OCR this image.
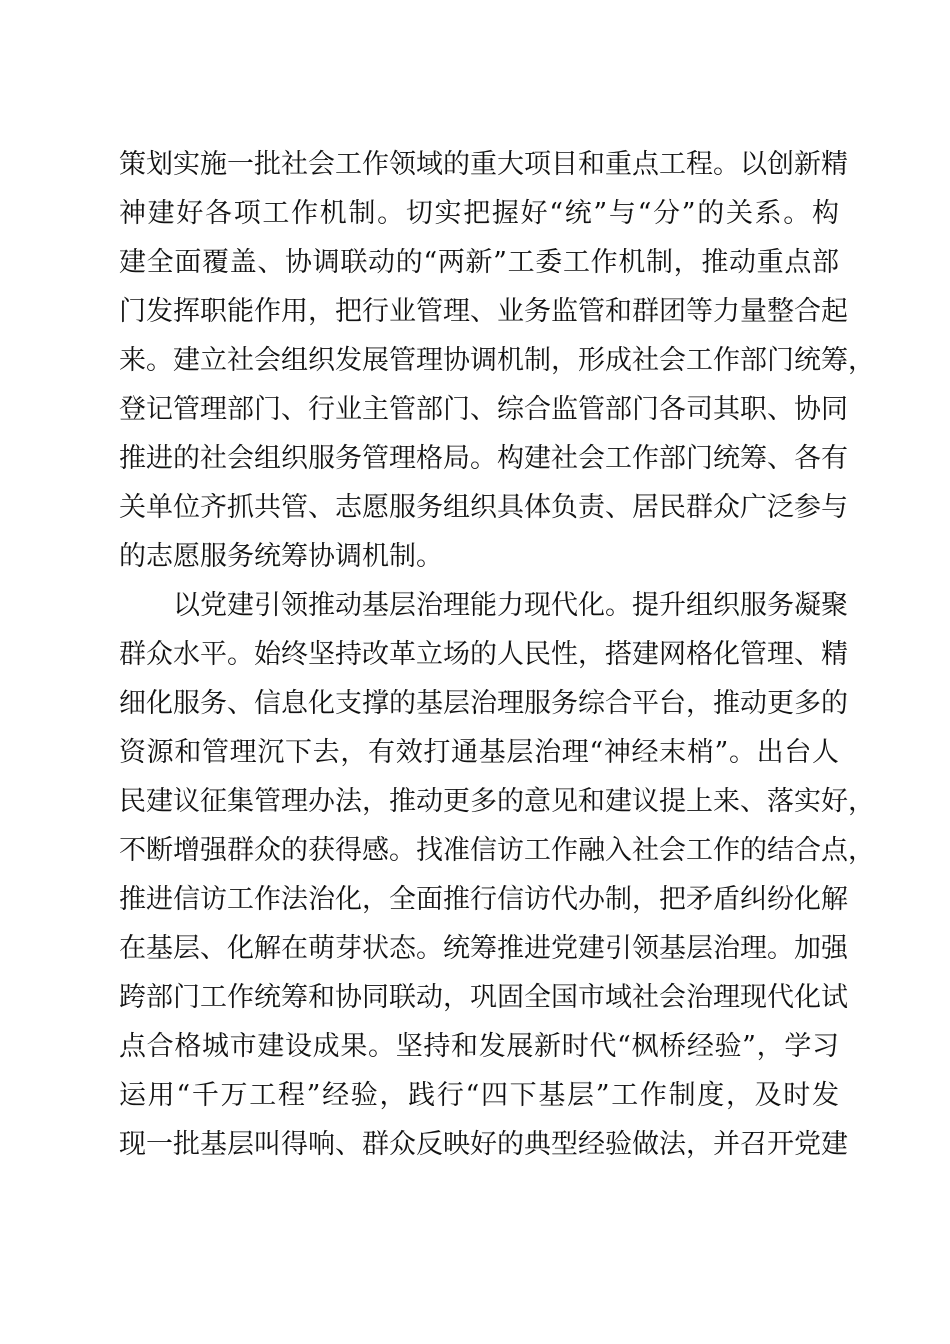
策划实施一批社会工作领域的重大项目和重点工程。以创新精
神建好各项工作机制。切实把握好“统”与“分”的关系。构
建全面覆盖、协调联动的“两新”工委工作机制，推动重点部
门发挥职能作用，把行业管理、业务监管和群团等力量整合起
来。建立社会组织发展管理协调机制，形成社会工作部门统筹，
登记管理部门、行业主管部门、综合监管部门各司其职、协同
推进的社会组织服务管理格局。构建社会工作部门统筹、各有
关单位齐抓共管、志愿服务组织具体负责、居民群众广泛参与
的志愿服务统筹协调机制。
以党建引领推动基层治理能力现代化。提升组织服务凝聚
群众水平。始终坚持改革立场的人民性，搭建网格化管理、精
细化服务、信息化支撑的基层治理服务综合平台，推动更多的
资源和管理沉下去，有效打通基层治理“神经末梢”。出台人
民建议征集管理办法，推动更多的意见和建议提上来、落实好，
不断增强群众的获得感。找准信访工作融入社会工作的结合点，
推进信访工作法治化，全面推行信访代办制，把矛盾纠纷化解
在基层、化解在萌芽状态。统筹推进党建引领基层治理。加强
跨部门工作统筹和协同联动，巩固全国市域社会治理现代化试
点合格城市建设成果。坚持和发展新时代“枫桥经验”，学习
运用“千万工程”经验，践行“四下基层”工作制度，及时发
现一批基层叫得响、群众反映好的典型经验做法，并召开党建
